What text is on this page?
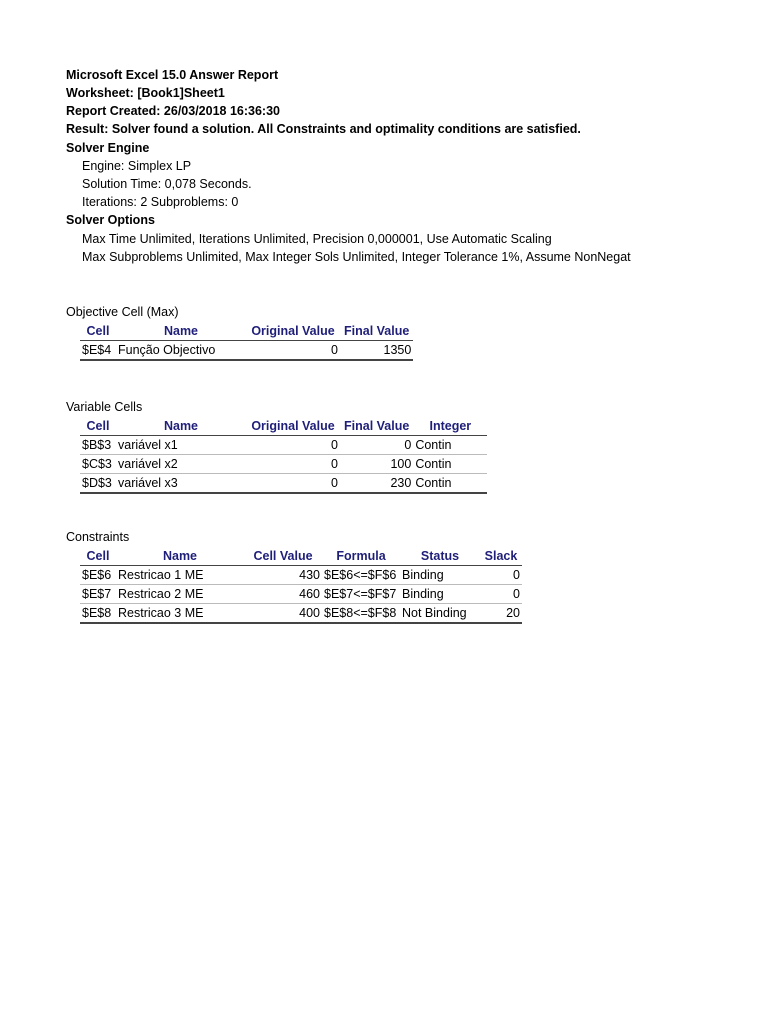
Microsoft Excel 15.0 Answer Report
Worksheet: [Book1]Sheet1
Report Created: 26/03/2018 16:36:30
Result: Solver found a solution. All Constraints and optimality conditions are satisfied.
Solver Engine
Engine: Simplex LP
Solution Time: 0,078 Seconds.
Iterations: 2 Subproblems: 0
Solver Options
Max Time Unlimited, Iterations Unlimited, Precision 0,000001, Use Automatic Scaling
Max Subproblems Unlimited, Max Integer Sols Unlimited, Integer Tolerance 1%, Assume NonNegat
Objective Cell (Max)
Cell	Name	Original Value	Final Value
$E$4	Função Objectivo	0	1350
Variable Cells
Cell	Name	Original Value	Final Value	Integer
$B$3	variável x1	0	0	Contin
$C$3	variável x2	0	100	Contin
$D$3	variável x3	0	230	Contin
Constraints
Cell	Name	Cell Value	Formula	Status	Slack
$E$6	Restricao 1 ME	430	$E$6<=$F$6	Binding	0
$E$7	Restricao 2 ME	460	$E$7<=$F$7	Binding	0
$E$8	Restricao 3 ME	400	$E$8<=$F$8	Not Binding	20
